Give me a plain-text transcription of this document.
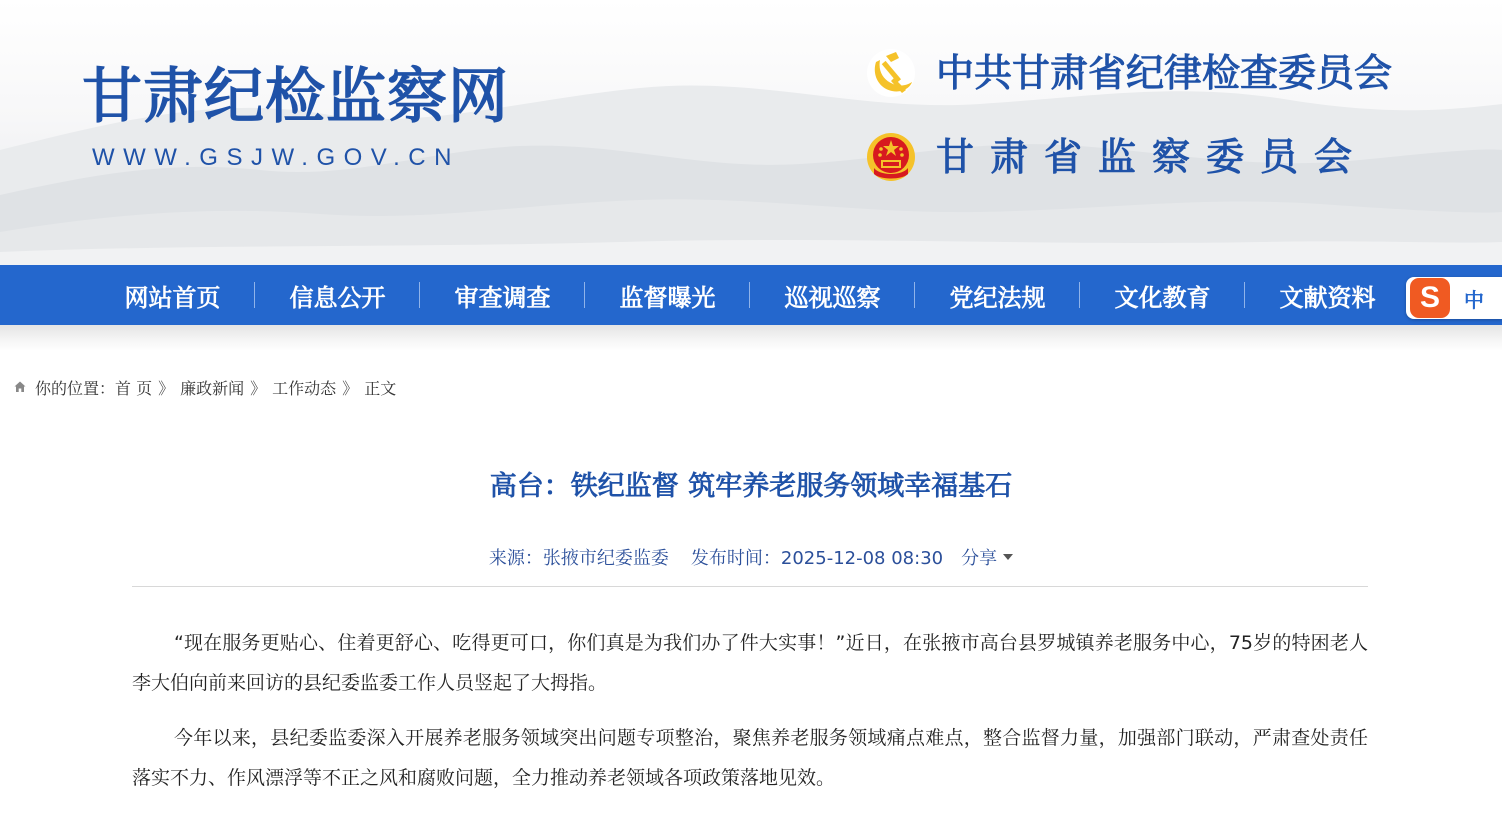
甘肃纪检监察网
WWW.GSJW.GOV.CN
中共甘肃省纪律检查委员会
甘肃省监察委员会
网站首页	信息公开	审查调查	监督曝光	巡视巡察	党纪法规	文化教育	文献资料	S	中
你的位置： 首 页 》 廉政新闻 》 工作动态 》 正文
高台：铁纪监督 筑牢养老服务领域幸福基石
来源：张掖市纪委监委 发布时间：2025-12-08 08:30 分享

“现在服务更贴心、住着更舒心、吃得更可口，你们真是为我们办了件大实事！”近日，在张掖市高台县罗城镇养老服务中心，75岁的特困老人李大伯向前来回访的县纪委监委工作人员竖起了大拇指。

今年以来，县纪委监委深入开展养老服务领域突出问题专项整治，聚焦养老服务领域痛点难点，整合监督力量，加强部门联动，严肃查处责任落实不力、作风漂浮等不正之风和腐败问题，全力推动养老领域各项政策落地见效。
